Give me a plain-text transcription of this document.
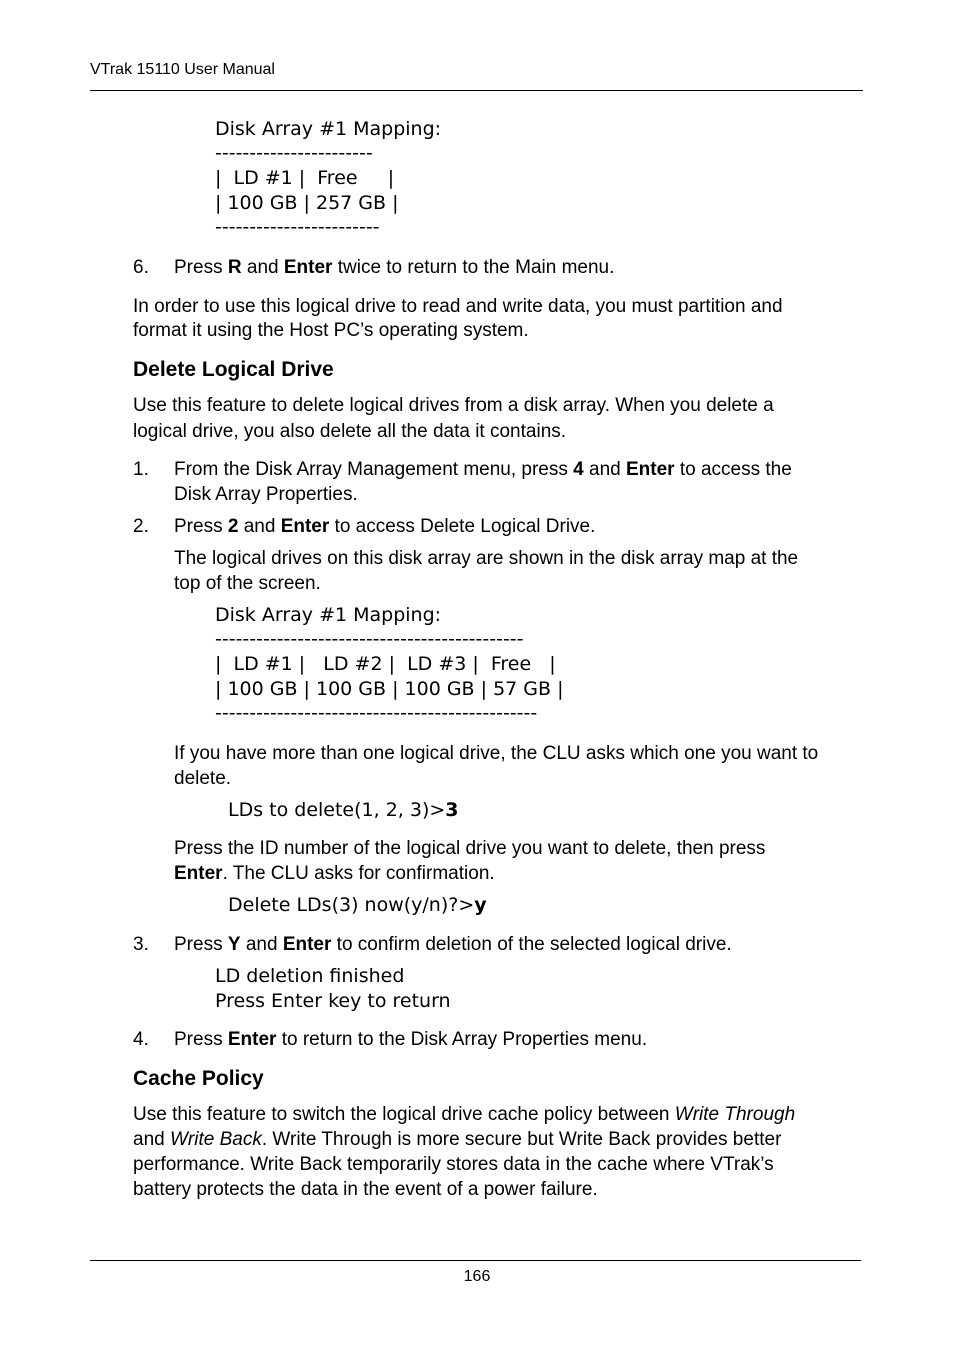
VTrak 15110 User Manual
Disk Array #1 Mapping:
-----------------------
|  LD #1 |  Free     |
| 100 GB | 257 GB |
------------------------
6. Press R and Enter twice to return to the Main menu.
In order to use this logical drive to read and write data, you must partition and
format it using the Host PC’s operating system.
Delete Logical Drive
Use this feature to delete logical drives from a disk array. When you delete a
logical drive, you also delete all the data it contains.
1. From the Disk Array Management menu, press 4 and Enter to access the
Disk Array Properties.
2. Press 2 and Enter to access Delete Logical Drive.
The logical drives on this disk array are shown in the disk array map at the
top of the screen.
Disk Array #1 Mapping:
---------------------------------------------
|  LD #1 |   LD #2 |  LD #3 |  Free   |
| 100 GB | 100 GB | 100 GB | 57 GB |
-----------------------------------------------
If you have more than one logical drive, the CLU asks which one you want to
delete.
LDs to delete(1, 2, 3)>3
Press the ID number of the logical drive you want to delete, then press
Enter. The CLU asks for confirmation.
Delete LDs(3) now(y/n)?>y
3. Press Y and Enter to confirm deletion of the selected logical drive.
LD deletion finished
Press Enter key to return
4. Press Enter to return to the Disk Array Properties menu.
Cache Policy
Use this feature to switch the logical drive cache policy between Write Through
and Write Back. Write Through is more secure but Write Back provides better
performance. Write Back temporarily stores data in the cache where VTrak’s
battery protects the data in the event of a power failure.
166
